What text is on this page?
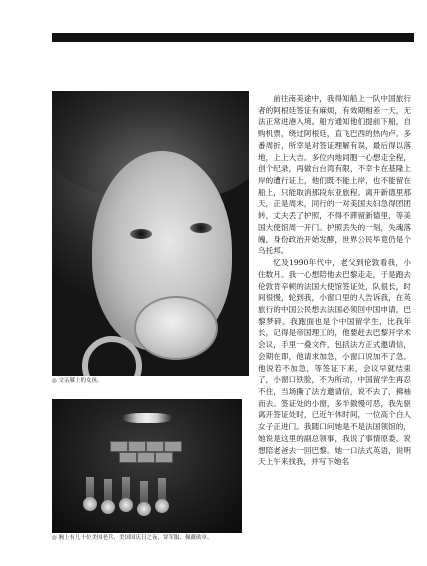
◎ 父亲膝上的女孩。
◎ 胸上有几十位美国老兵，美国国庆日之夜，穿军服、佩戴勋章。

前往南美途中，我得知船上一队中国旅行者的阿根廷签证有麻烦，有效期相差一天，无法正常进港入境。船方通知他们提前下船，自购机票，绕过阿根廷，直飞巴西的热内卢。多番周折，所幸是对签证理解有误，最后得以落地，上上大吉。多位内地同胞一心想走全程，创个纪录，再做台台湾有限，不幸卡在基隆上岸的遭行证上，他们既不能上岸，也不能留在船上，只能取消那段东亚旅程。离开新德里那天，正是周末，同行的一对美国夫妇急得团团转，丈夫丢了护照，不得不滞留新德里，等美国大使馆周一开门。护照丢失的一刻，失魂落魄，身份政治开始发酵，世界公民毕竟仍是个乌托邦。

忆及1990年代中，老父到伦敦看我，小住数月。我一心想陪他去巴黎走走，于是跑去伦敦肯辛顿的法国大使馆签证处，队很长，时间很慢，轮到我，小窗口里的人告诉我，在英旅行的中国公民想去法国必须回中国申请，巴黎梦碎。我跑面也是个中国留学生，比我年长，记得是帝国理工的，他要赶去巴黎开学术会议，手里一叠文件，包括法方正式邀请信，会期在即，他请求加急，小窗口说加不了急。他说若不加急，等签证下来，会议早就结束了，小窗口铁脸，不为所动，中国留学生再忍不住，当场撕了法方邀请信，说不去了，拂袖而去。签证处的小窗，多半傲慢可恶，我先驱离开签证处时，已近午休时间，一位高个白人女子正进门。我随口问她是不是法国领馆的，她说是这里的副总领事，我说了事情原委，说想陪老爸去一回巴黎。她一口法式英语，说明天上午来找我，并写下她名
